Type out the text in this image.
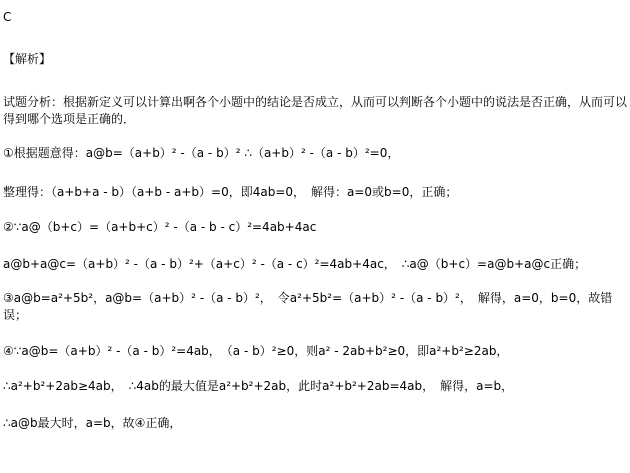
C
【解析】
试题分析：根据新定义可以计算出啊各个小题中的结论是否成立，从而可以判断各个小题中的说法是否正确，从而可以得到哪个选项是正确的．
①根据题意得：a@b=（a+b）² -（a - b）² ∴（a+b）² -（a - b）²=0，
整理得：（a+b+a - b）（a+b - a+b）=0，即4ab=0，　解得：a=0或b=0，正确；
②∵a@（b+c）=（a+b+c）² -（a - b - c）²=4ab+4ac
a@b+a@c=（a+b）² -（a - b）²+（a+c）² -（a - c）²=4ab+4ac，　∴a@（b+c）=a@b+a@c正确；
③a@b=a²+5b²，a@b=（a+b）² -（a - b）²，　令a²+5b²=（a+b）² -（a - b）²，　解得，a=0，b=0，故错
误；
④∵a@b=（a+b）² -（a - b）²=4ab，　（a - b）²≥0，则a² - 2ab+b²≥0，即a²+b²≥2ab，
∴a²+b²+2ab≥4ab，　∴4ab的最大值是a²+b²+2ab，此时a²+b²+2ab=4ab，　解得，a=b，
∴a@b最大时，a=b，故④正确，
